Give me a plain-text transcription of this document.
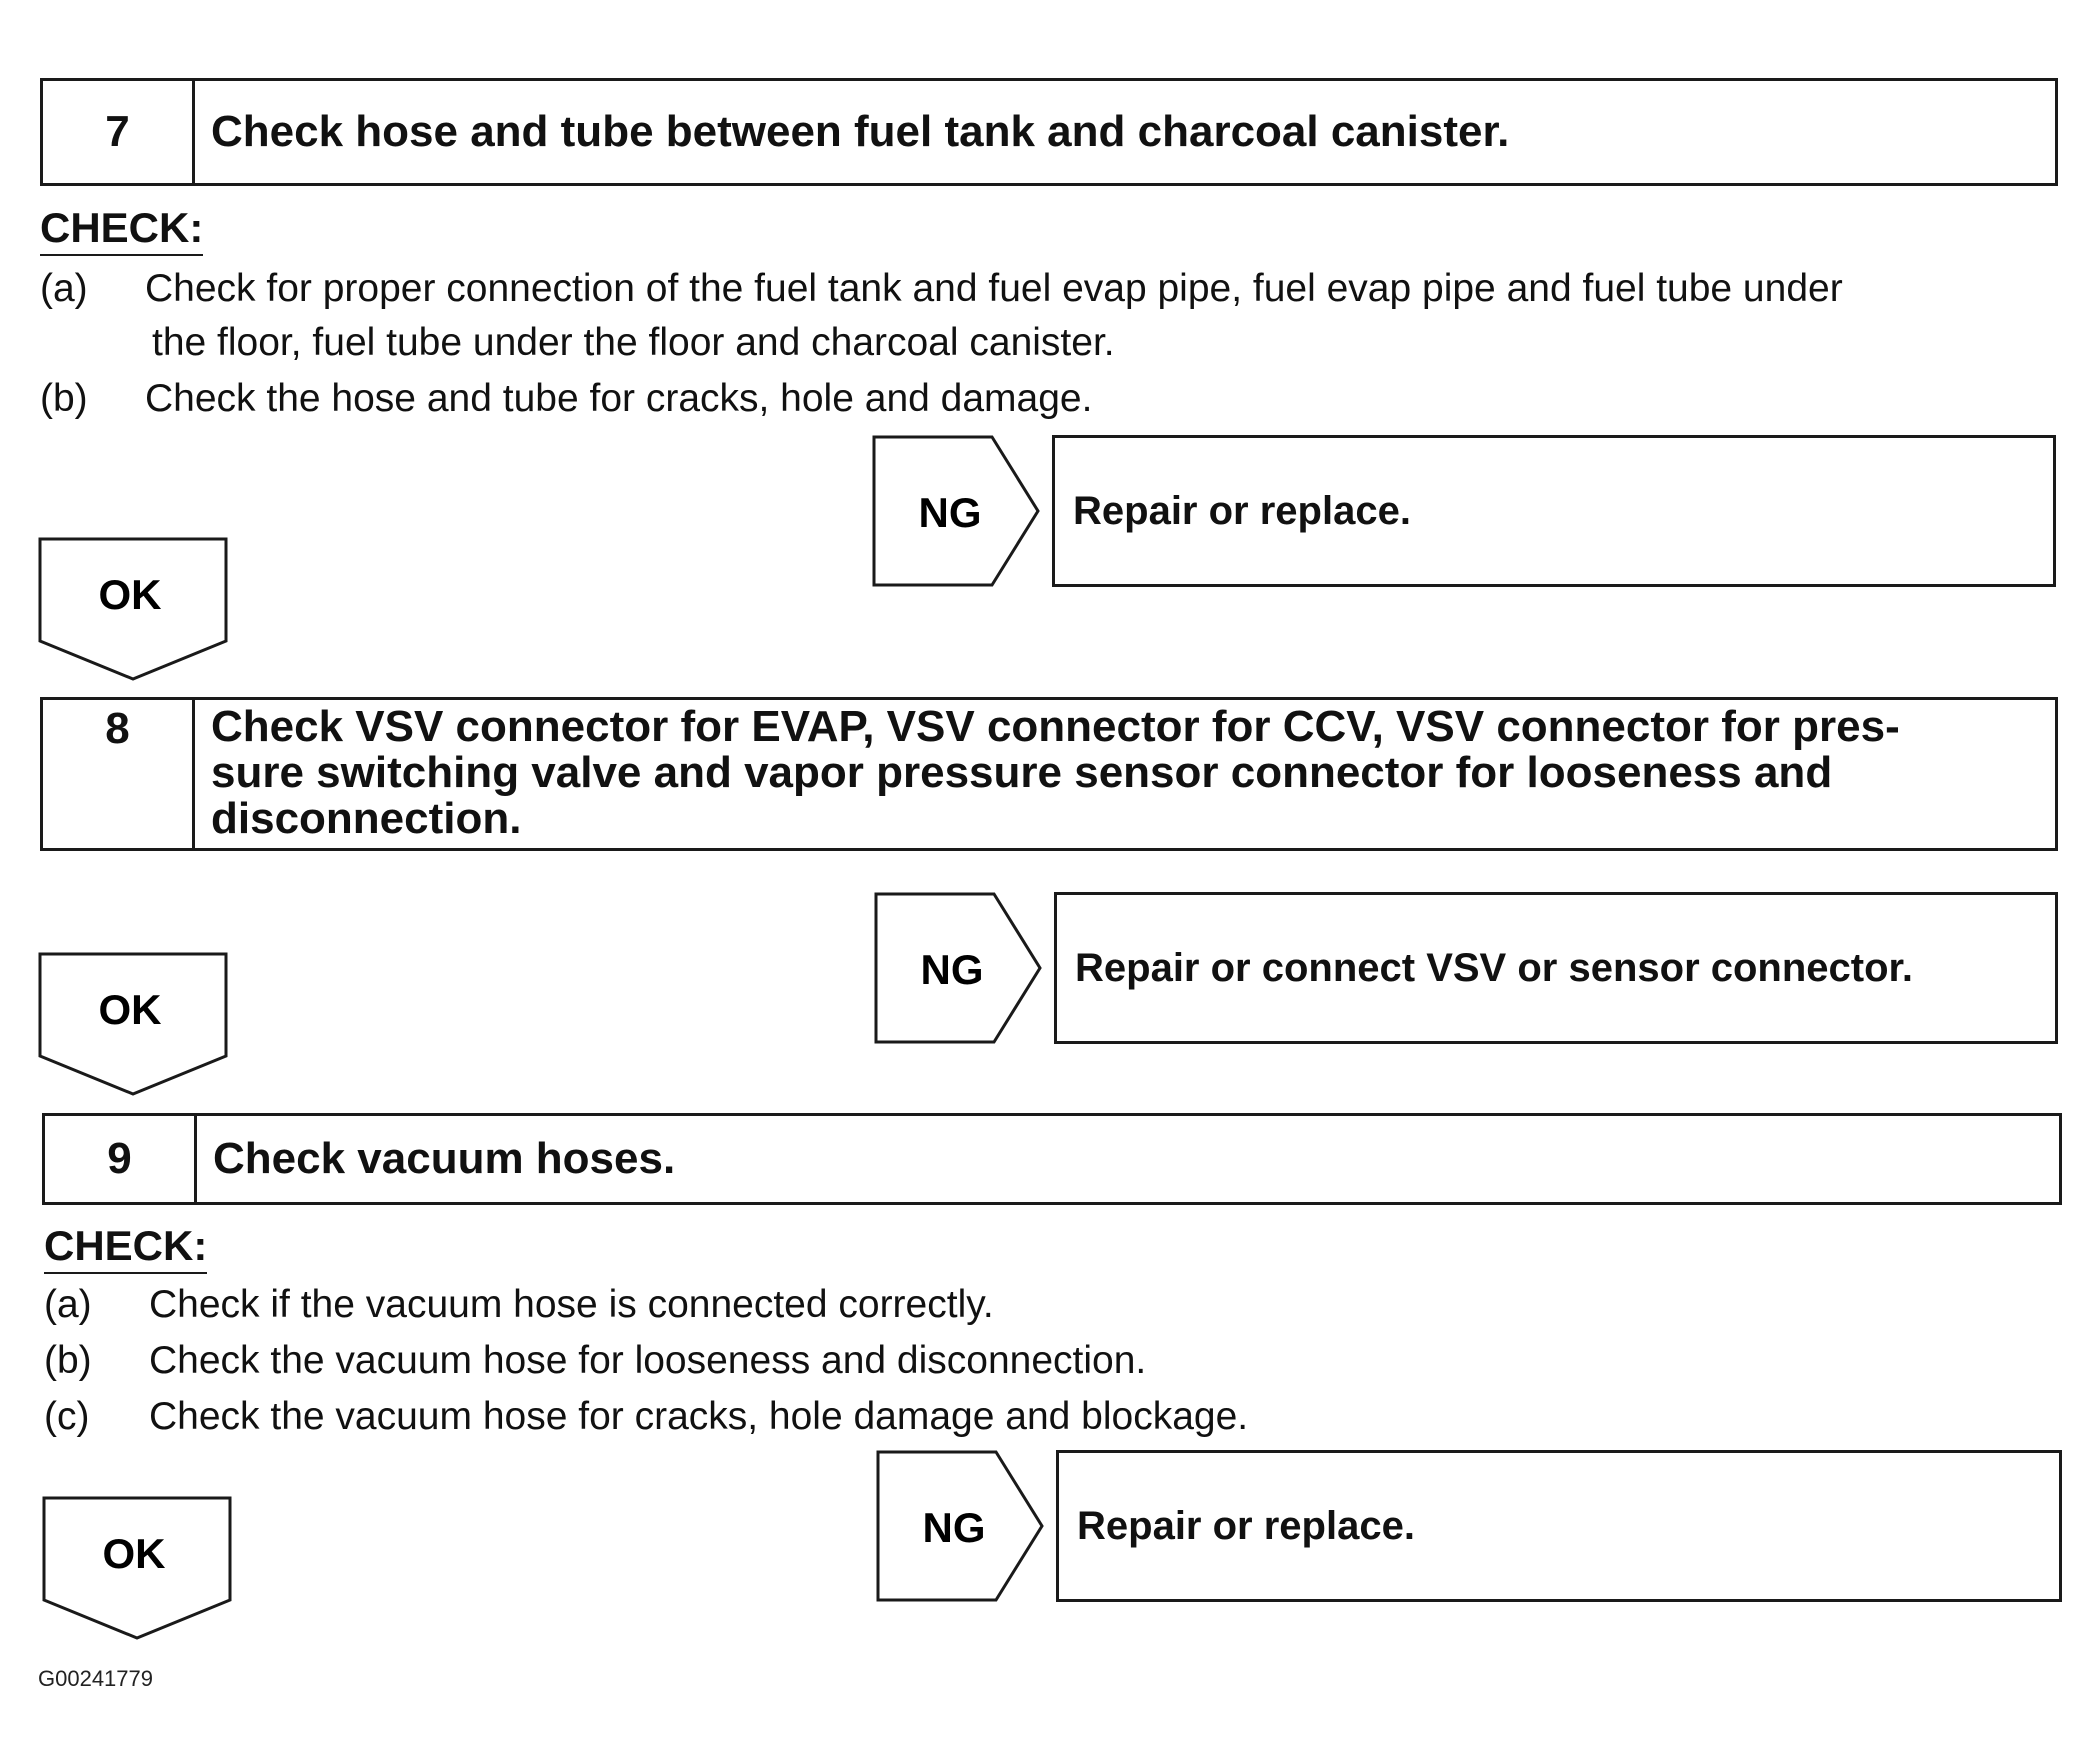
7	Check hose and tube between fuel tank and charcoal canister.
CHECK:
(a) Check for proper connection of the fuel tank and fuel evap pipe, fuel evap pipe and fuel tube under
the floor, fuel tube under the floor and charcoal canister.
(b) Check the hose and tube for cracks, hole and damage.
NG	Repair or replace.
OK
8 Check VSV connector for EVAP, VSV connector for CCV, VSV connector for pres-
sure switching valve and vapor pressure sensor connector for looseness and
disconnection.
NG	Repair or connect VSV or sensor connector.
OK
9	Check vacuum hoses.
CHECK:
(a) Check if the vacuum hose is connected correctly.
(b) Check the vacuum hose for looseness and disconnection.
(c) Check the vacuum hose for cracks, hole damage and blockage.
NG	Repair or replace.
OK
G00241779
